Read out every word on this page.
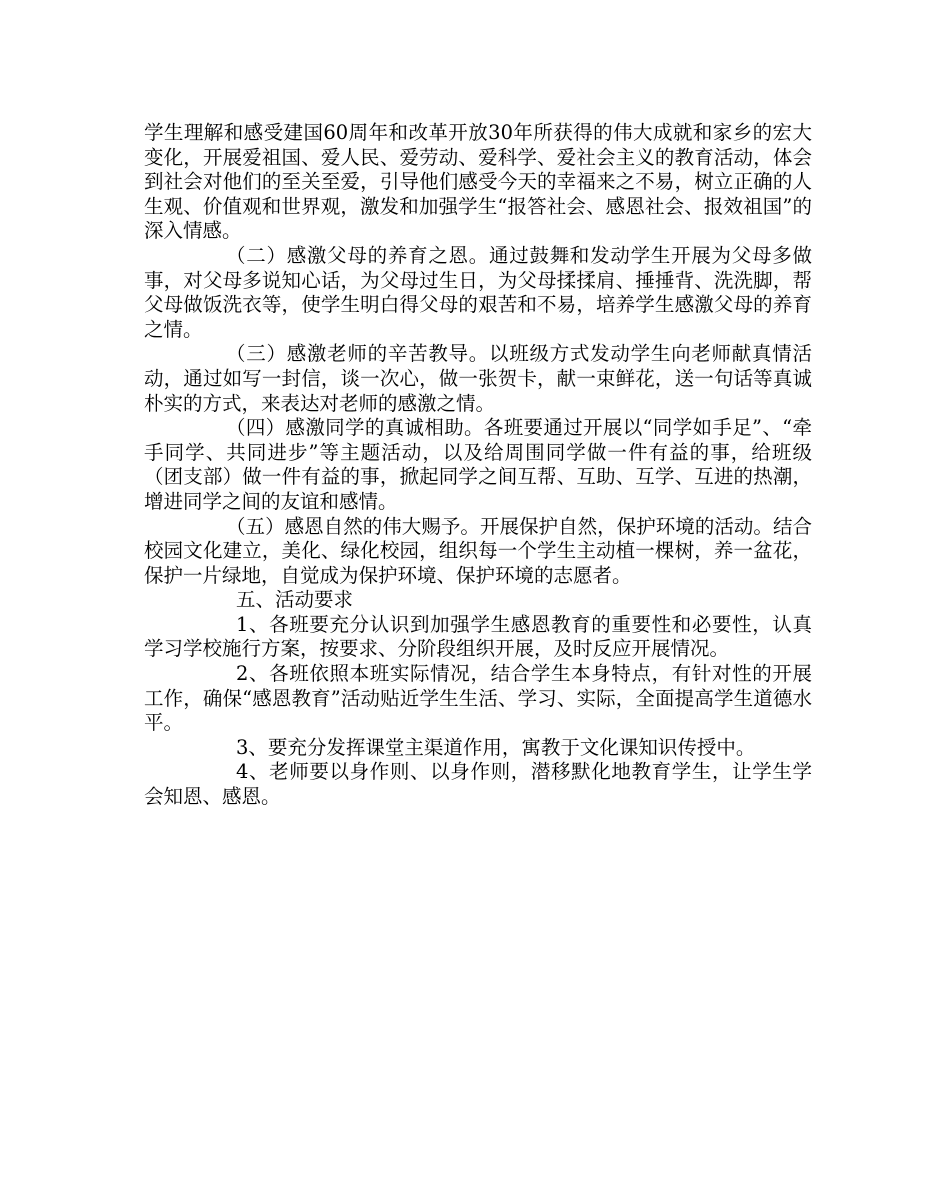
学生理解和感受建国60周年和改革开放30年所获得的伟大成就和家乡的宏大变化，开展爱祖国、爱人民、爱劳动、爱科学、爱社会主义的教育活动，体会到社会对他们的至关至爱，引导他们感受今天的幸福来之不易，树立正确的人生观、价值观和世界观，激发和加强学生“报答社会、感恩社会、报效祖国”的深入情感。

（二）感激父母的养育之恩。通过鼓舞和发动学生开展为父母多做事，对父母多说知心话，为父母过生日，为父母揉揉肩、捶捶背、洗洗脚，帮父母做饭洗衣等，使学生明白得父母的艰苦和不易，培养学生感激父母的养育之情。

（三）感激老师的辛苦教导。以班级方式发动学生向老师献真情活动，通过如写一封信，谈一次心，做一张贺卡，献一束鲜花，送一句话等真诚朴实的方式，来表达对老师的感激之情。

（四）感激同学的真诚相助。各班要通过开展以“同学如手足”、“牵手同学、共同进步”等主题活动，以及给周围同学做一件有益的事，给班级（团支部）做一件有益的事，掀起同学之间互帮、互助、互学、互进的热潮，增进同学之间的友谊和感情。

（五）感恩自然的伟大赐予。开展保护自然，保护环境的活动。结合校园文化建立，美化、绿化校园，组织每一个学生主动植一棵树，养一盆花，保护一片绿地，自觉成为保护环境、保护环境的志愿者。

五、活动要求

1、各班要充分认识到加强学生感恩教育的重要性和必要性，认真学习学校施行方案，按要求、分阶段组织开展，及时反应开展情况。

2、各班依照本班实际情况，结合学生本身特点，有针对性的开展工作，确保“感恩教育”活动贴近学生生活、学习、实际，全面提高学生道德水平。

3、要充分发挥课堂主渠道作用，寓教于文化课知识传授中。

4、老师要以身作则、以身作则，潜移默化地教育学生，让学生学会知恩、感恩。
